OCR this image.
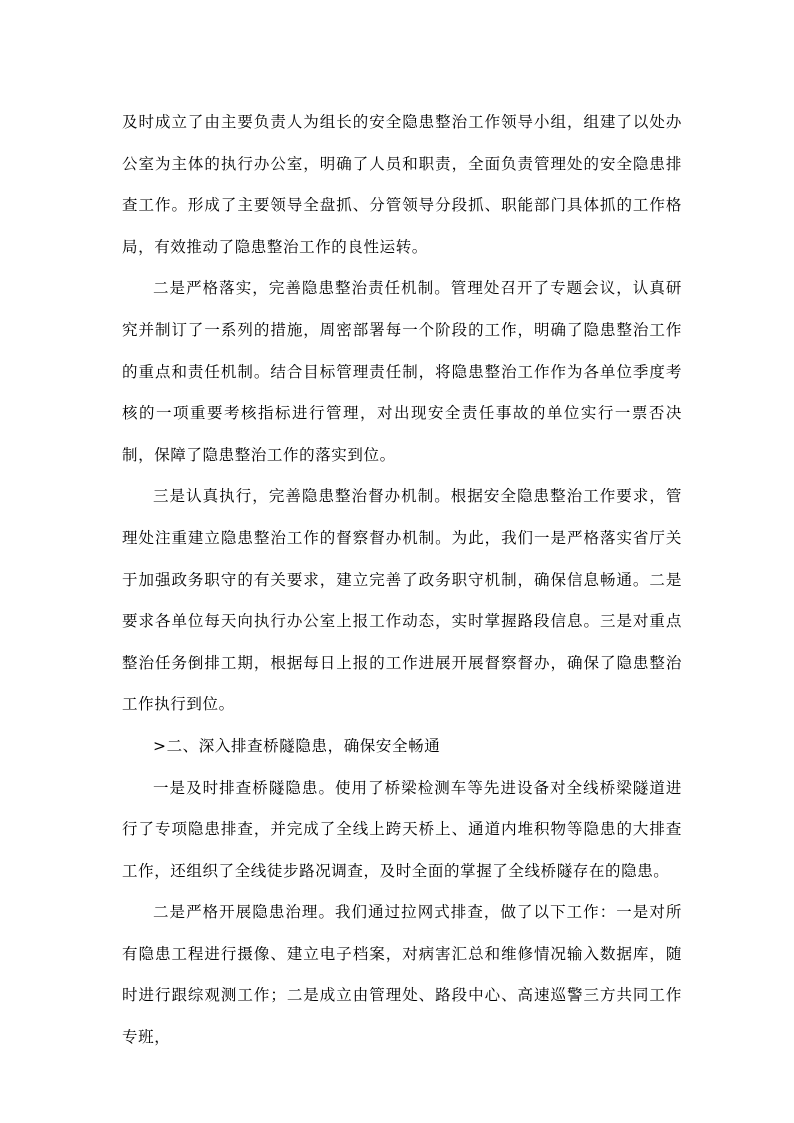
及时成立了由主要负责人为组长的安全隐患整治工作领导小组，组建了以处办公室为主体的执行办公室，明确了人员和职责，全面负责管理处的安全隐患排查工作。形成了主要领导全盘抓、分管领导分段抓、职能部门具体抓的工作格局，有效推动了隐患整治工作的良性运转。

二是严格落实，完善隐患整治责任机制。管理处召开了专题会议，认真研究并制订了一系列的措施，周密部署每一个阶段的工作，明确了隐患整治工作的重点和责任机制。结合目标管理责任制，将隐患整治工作作为各单位季度考核的一项重要考核指标进行管理，对出现安全责任事故的单位实行一票否决制，保障了隐患整治工作的落实到位。

三是认真执行，完善隐患整治督办机制。根据安全隐患整治工作要求，管理处注重建立隐患整治工作的督察督办机制。为此，我们一是严格落实省厅关于加强政务职守的有关要求，建立完善了政务职守机制，确保信息畅通。二是要求各单位每天向执行办公室上报工作动态，实时掌握路段信息。三是对重点整治任务倒排工期，根据每日上报的工作进展开展督察督办，确保了隐患整治工作执行到位。

>二、深入排查桥隧隐患，确保安全畅通

一是及时排查桥隧隐患。使用了桥梁检测车等先进设备对全线桥梁隧道进行了专项隐患排查，并完成了全线上跨天桥上、通道内堆积物等隐患的大排查工作，还组织了全线徒步路况调查，及时全面的掌握了全线桥隧存在的隐患。

二是严格开展隐患治理。我们通过拉网式排查，做了以下工作：一是对所有隐患工程进行摄像、建立电子档案，对病害汇总和维修情况输入数据库，随时进行跟综观测工作；二是成立由管理处、路段中心、高速巡警三方共同工作专班，
